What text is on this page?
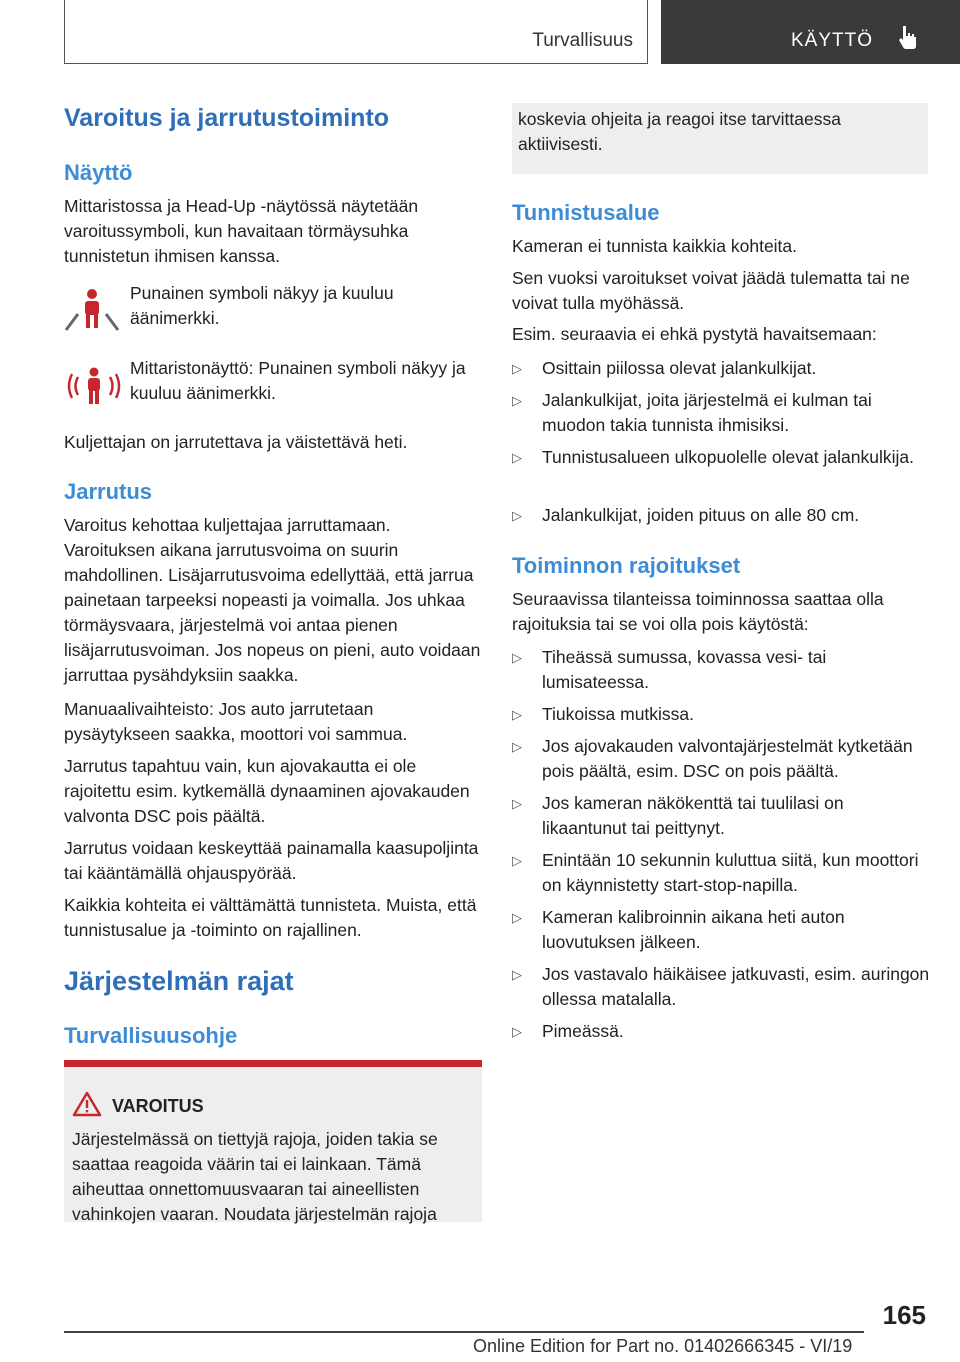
Turvallisuus	KÄYTTÖ
Varoitus ja jarrutustoiminto
Näyttö
Mittaristossa ja Head-Up -näytössä näytetään varoitussymboli, kun havaitaan törmäysuhka tunnistetun ihmisen kanssa.
Punainen symboli näkyy ja kuuluu äänimerkki.
Mittaristonäyttö: Punainen symboli näkyy ja kuuluu äänimerkki.
Kuljettajan on jarrutettava ja väistettävä heti.
Jarrutus
Varoitus kehottaa kuljettajaa jarruttamaan. Varoituksen aikana jarrutusvoima on suurin mahdollinen. Lisäjarrutusvoima edellyttää, että jarrua painetaan tarpeeksi nopeasti ja voimalla. Jos uhkaa törmäysvaara, järjestelmä voi antaa pienen lisäjarrutusvoiman. Jos nopeus on pieni, auto voidaan jarruttaa pysähdyksiin saakka.
Manuaalivaihteisto: Jos auto jarrutetaan pysäytykseen saakka, moottori voi sammua.
Jarrutus tapahtuu vain, kun ajovakautta ei ole rajoitettu esim. kytkemällä dynaaminen ajovakauden valvonta DSC pois päältä.
Jarrutus voidaan keskeyttää painamalla kaasupoljinta tai kääntämällä ohjauspyörää.
Kaikkia kohteita ei välttämättä tunnisteta. Muista, että tunnistusalue ja -toiminto on rajallinen.
Järjestelmän rajat
Turvallisuusohje
VAROITUS
Järjestelmässä on tiettyjä rajoja, joiden takia se saattaa reagoida väärin tai ei lainkaan. Tämä aiheuttaa onnettomuusvaaran tai aineellisten vahinkojen vaaran. Noudata järjestelmän rajoja
koskevia ohjeita ja reagoi itse tarvittaessa aktiivisesti.
Tunnistusalue
Kameran ei tunnista kaikkia kohteita.
Sen vuoksi varoitukset voivat jäädä tulematta tai ne voivat tulla myöhässä.
Esim. seuraavia ei ehkä pystytä havaitsemaan:
▷ Osittain piilossa olevat jalankulkijat.
▷ Jalankulkijat, joita järjestelmä ei kulman tai muodon takia tunnista ihmisiksi.
▷ Tunnistusalueen ulkopuolelle olevat jalankulkija.
▷ Jalankulkijat, joiden pituus on alle 80 cm.
Toiminnon rajoitukset
Seuraavissa tilanteissa toiminnossa saattaa olla rajoituksia tai se voi olla pois käytöstä:
▷ Tiheässä sumussa, kovassa vesi- tai lumisateessa.
▷ Tiukoissa mutkissa.
▷ Jos ajovakauden valvontajärjestelmät kytketään pois päältä, esim. DSC on pois päältä.
▷ Jos kameran näkökenttä tai tuulilasi on likaantunut tai peittynyt.
▷ Enintään 10 sekunnin kuluttua siitä, kun moottori on käynnistetty start-stop-napilla.
▷ Kameran kalibroinnin aikana heti auton luovutuksen jälkeen.
▷ Jos vastavalo häikäisee jatkuvasti, esim. auringon ollessa matalalla.
▷ Pimeässä.
165
Online Edition for Part no. 01402666345 - VI/19
